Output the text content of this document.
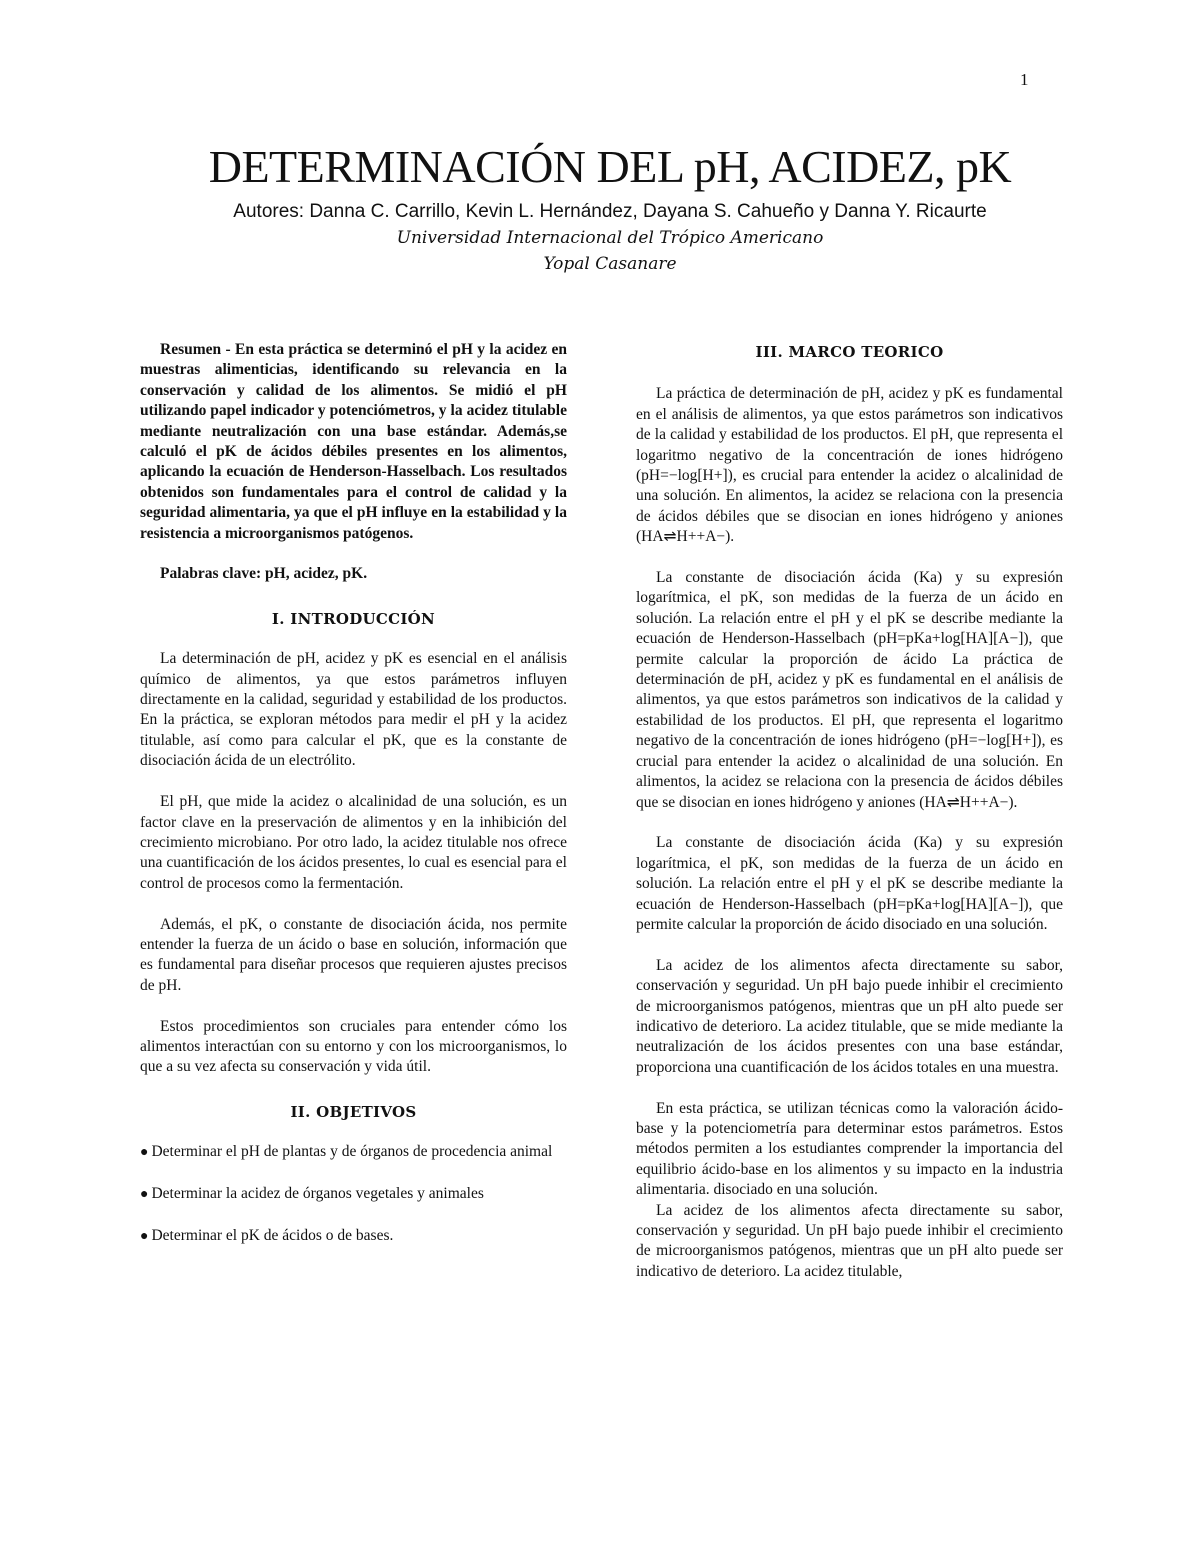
1
DETERMINACIÓN DEL pH, ACIDEZ, pK
Autores: Danna C. Carrillo, Kevin L. Hernández, Dayana S. Cahueño y Danna Y. Ricaurte
Universidad Internacional del Trópico Americano
Yopal Casanare

Resumen - En esta práctica se determinó el pH y la acidez en muestras alimenticias, identificando su relevancia en la conservación y calidad de los alimentos. Se midió el pH utilizando papel indicador y potenciómetros, y la acidez titulable mediante neutralización con una base estándar. Además,se calculó el pK de ácidos débiles presentes en los alimentos, aplicando la ecuación de Henderson-Hasselbach. Los resultados obtenidos son fundamentales para el control de calidad y la seguridad alimentaria, ya que el pH influye en la estabilidad y la resistencia a microorganismos patógenos.

Palabras clave: pH, acidez, pK.

I. INTRODUCCIÓN

La determinación de pH, acidez y pK es esencial en el análisis químico de alimentos, ya que estos parámetros influyen directamente en la calidad, seguridad y estabilidad de los productos. En la práctica, se exploran métodos para medir el pH y la acidez titulable, así como para calcular el pK, que es la constante de disociación ácida de un electrólito.

El pH, que mide la acidez o alcalinidad de una solución, es un factor clave en la preservación de alimentos y en la inhibición del crecimiento microbiano. Por otro lado, la acidez titulable nos ofrece una cuantificación de los ácidos presentes, lo cual es esencial para el control de procesos como la fermentación.

Además, el pK, o constante de disociación ácida, nos permite entender la fuerza de un ácido o base en solución, información que es fundamental para diseñar procesos que requieren ajustes precisos de pH.

Estos procedimientos son cruciales para entender cómo los alimentos interactúan con su entorno y con los microorganismos, lo que a su vez afecta su conservación y vida útil.

II. OBJETIVOS
● Determinar el pH de plantas y de órganos de procedencia animal
● Determinar la acidez de órganos vegetales y animales
● Determinar el pK de ácidos o de bases.
III. MARCO TEORICO

La práctica de determinación de pH, acidez y pK es fundamental en el análisis de alimentos, ya que estos parámetros son indicativos de la calidad y estabilidad de los productos. El pH, que representa el logaritmo negativo de la concentración de iones hidrógeno (pH=−log[H+]), es crucial para entender la acidez o alcalinidad de una solución. En alimentos, la acidez se relaciona con la presencia de ácidos débiles que se disocian en iones hidrógeno y aniones (HA⇌H++A−).

La constante de disociación ácida (Ka) y su expresión logarítmica, el pK, son medidas de la fuerza de un ácido en solución. La relación entre el pH y el pK se describe mediante la ecuación de Henderson-Hasselbach (pH=pKa+log[HA][A−]), que permite calcular la proporción de ácido La práctica de determinación de pH, acidez y pK es fundamental en el análisis de alimentos, ya que estos parámetros son indicativos de la calidad y estabilidad de los productos. El pH, que representa el logaritmo negativo de la concentración de iones hidrógeno (pH=−log[H+]), es crucial para entender la acidez o alcalinidad de una solución. En alimentos, la acidez se relaciona con la presencia de ácidos débiles que se disocian en iones hidrógeno y aniones (HA⇌H++A−).

La constante de disociación ácida (Ka) y su expresión logarítmica, el pK, son medidas de la fuerza de un ácido en solución. La relación entre el pH y el pK se describe mediante la ecuación de Henderson-Hasselbach (pH=pKa+log[HA][A−]), que permite calcular la proporción de ácido disociado en una solución.

La acidez de los alimentos afecta directamente su sabor, conservación y seguridad. Un pH bajo puede inhibir el crecimiento de microorganismos patógenos, mientras que un pH alto puede ser indicativo de deterioro. La acidez titulable, que se mide mediante la neutralización de los ácidos presentes con una base estándar, proporciona una cuantificación de los ácidos totales en una muestra.

En esta práctica, se utilizan técnicas como la valoración ácido-base y la potenciometría para determinar estos parámetros. Estos métodos permiten a los estudiantes comprender la importancia del equilibrio ácido-base en los alimentos y su impacto en la industria alimentaria. disociado en una solución.

La acidez de los alimentos afecta directamente su sabor, conservación y seguridad. Un pH bajo puede inhibir el crecimiento de microorganismos patógenos, mientras que un pH alto puede ser indicativo de deterioro. La acidez titulable,
